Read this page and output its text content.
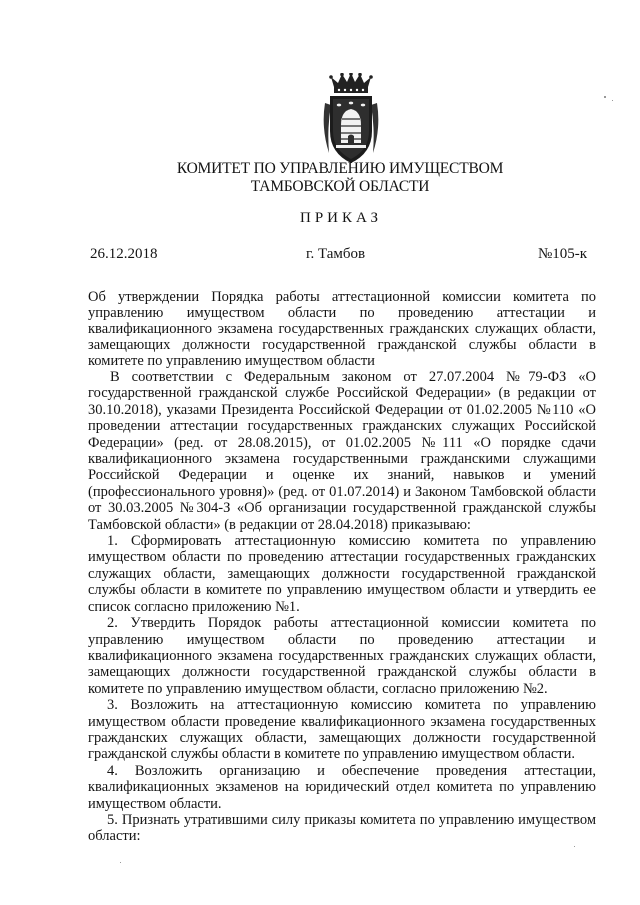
КОМИТЕТ ПО УПРАВЛЕНИЮ ИМУЩЕСТВОМ
ТАМБОВСКОЙ ОБЛАСТИ
ПРИКАЗ
26.12.2018	г. Тамбов	№105-к
Об утверждении Порядка работы аттестационной комиссии комитета по управлению имуществом области по проведению аттестации и квалификационного экзамена государственных гражданских служащих области, замещающих должности государственной гражданской службы области в комитете по управлению имуществом области

В соответствии с Федеральным законом от 27.07.2004 №79-ФЗ «О государственной гражданской службе Российской Федерации» (в редакции от 30.10.2018), указами Президента Российской Федерации от 01.02.2005 №110 «О проведении аттестации государственных гражданских служащих Российской Федерации» (ред. от 28.08.2015), от 01.02.2005 №111 «О порядке сдачи квалификационного экзамена государственными гражданскими служащими Российской Федерации и оценке их знаний, навыков и умений (профессионального уровня)» (ред. от 01.07.2014) и Законом Тамбовской области от 30.03.2005 №304-З «Об организации государственной гражданской службы Тамбовской области» (в редакции от 28.04.2018) приказываю:

1. Сформировать аттестационную комиссию комитета по управлению имуществом области по проведению аттестации государственных гражданских служащих области, замещающих должности государственной гражданской службы области в комитете по управлению имуществом области и утвердить ее список согласно приложению №1.

2. Утвердить Порядок работы аттестационной комиссии комитета по управлению имуществом области по проведению аттестации и квалификационного экзамена государственных гражданских служащих области, замещающих должности государственной гражданской службы области в комитете по управлению имуществом области, согласно приложению №2.

3. Возложить на аттестационную комиссию комитета по управлению имуществом области проведение квалификационного экзамена государственных гражданских служащих области, замещающих должности государственной гражданской службы области в комитете по управлению имуществом области.

4. Возложить организацию и обеспечение проведения аттестации, квалификационных экзаменов на юридический отдел комитета по управлению имуществом области.

5. Признать утратившими силу приказы комитета по управлению имуществом области:
